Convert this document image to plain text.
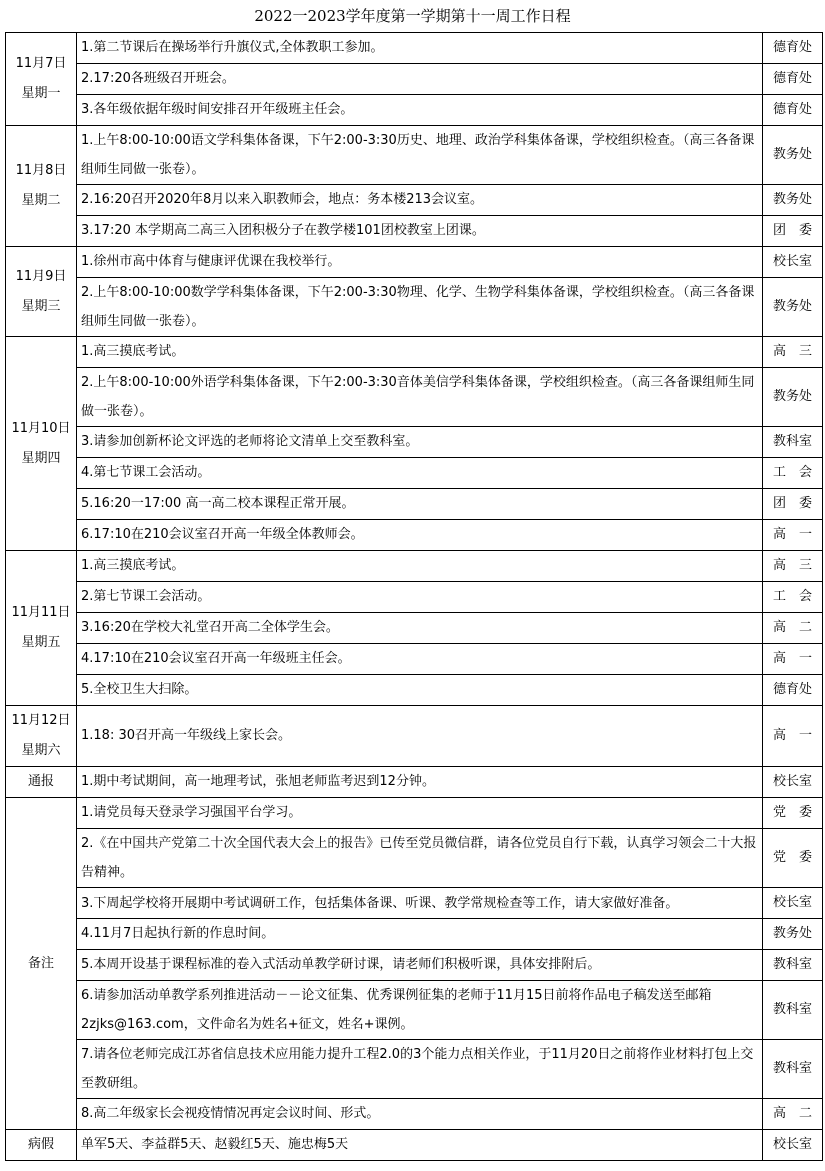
2022一2023学年度第一学期第十一周工作日程
11月7日
星期一	1.第二节课后在操场举行升旗仪式,全体教职工参加。	德育处
	2.17:20各班级召开班会。	德育处
	3.各年级依据年级时间安排召开年级班主任会。	德育处

11月8日
星期二	1.上午8:00-10:00语文学科集体备课，下午2:00-3:30历史、地理、政治学科集体备课，学校组织检查。（高三各备课组师生同做一张卷）。	教务处
	2.16:20召开2020年8月以来入职教师会，地点：务本楼213会议室。	教务处
	3.17:20 本学期高二高三入团积极分子在教学楼101团校教室上团课。	团　委

11月9日
星期三	1.徐州市高中体育与健康评优课在我校举行。	校长室
	2.上午8:00-10:00数学学科集体备课，下午2:00-3:30物理、化学、生物学科集体备课，学校组织检查。（高三各备课组师生同做一张卷）。	教务处

11月10日
星期四	1.高三摸底考试。	高　三
	2.上午8:00-10:00外语学科集体备课，下午2:00-3:30音体美信学科集体备课，学校组织检查。（高三各备课组师生同做一张卷）。	教务处
	3.请参加创新杯论文评选的老师将论文清单上交至教科室。	教科室
	4.第七节课工会活动。	工　会
	5.16:20一17:00 高一高二校本课程正常开展。	团　委
	6.17:10在210会议室召开高一年级全体教师会。	高　一

11月11日
星期五	1.高三摸底考试。	高　三
	2.第七节课工会活动。	工　会
	3.16:20在学校大礼堂召开高二全体学生会。	高　二
	4.17:10在210会议室召开高一年级班主任会。	高　一
	5.全校卫生大扫除。	德育处

11月12日
星期六	1.18: 30召开高一年级线上家长会。	高　一
通报	1.期中考试期间，高一地理考试，张旭老师监考迟到12分钟。	校长室
备注	1.请党员每天登录学习强国平台学习。	党　委
	2.《在中国共产党第二十次全国代表大会上的报告》已传至党员微信群，请各位党员自行下载，认真学习领会二十大报告精神。	党　委
	3.下周起学校将开展期中考试调研工作，包括集体备课、听课、教学常规检查等工作，请大家做好准备。	校长室
	4.11月7日起执行新的作息时间。	教务处
	5.本周开设基于课程标准的卷入式活动单教学研讨课，请老师们积极听课，具体安排附后。	教科室
	6.请参加活动单教学系列推进活动－－论文征集、优秀课例征集的老师于11月15日前将作品电子稿发送至邮箱2zjks@163.com，文件命名为姓名+征文，姓名+课例。	教科室
	7.请各位老师完成江苏省信息技术应用能力提升工程2.0的3个能力点相关作业，于11月20日之前将作业材料打包上交至教研组。	教科室
	8.高二年级家长会视疫情情况再定会议时间、形式。	高　二
病假	单军5天、李益群5天、赵毅红5天、施忠梅5天	校长室
